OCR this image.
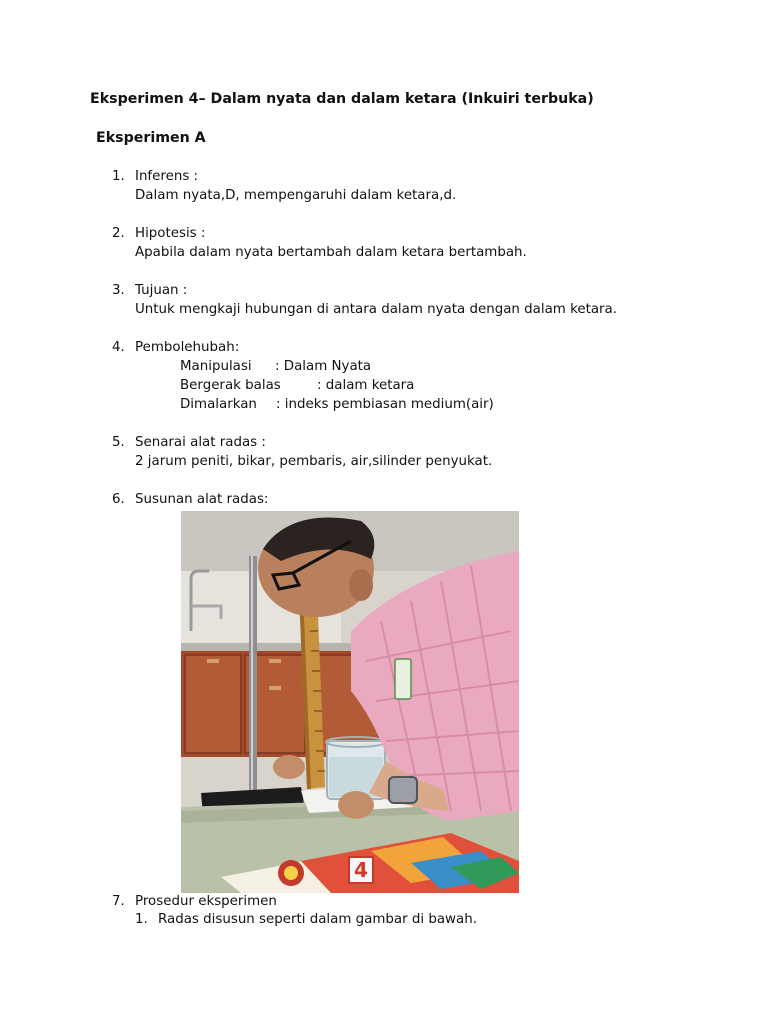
Eksperimen 4– Dalam nyata dan dalam ketara (Inkuiri terbuka)
Eksperimen A
1. Inferens :
Dalam nyata,D, mempengaruhi dalam ketara,d.
2. Hipotesis :
Apabila dalam nyata bertambah dalam ketara bertambah.
3. Tujuan :
Untuk mengkaji hubungan di antara dalam nyata dengan dalam ketara.
4. Pembolehubah:
Manipulasi : Dalam Nyata
Bergerak balas	: dalam ketara
Dimalarkan : indeks pembiasan medium(air)
5. Senarai alat radas :
2 jarum peniti, bikar, pembaris, air,silinder penyukat.
6. Susunan alat radas:
4
7. Prosedur eksperimen
1. Radas disusun seperti dalam gambar di bawah.
